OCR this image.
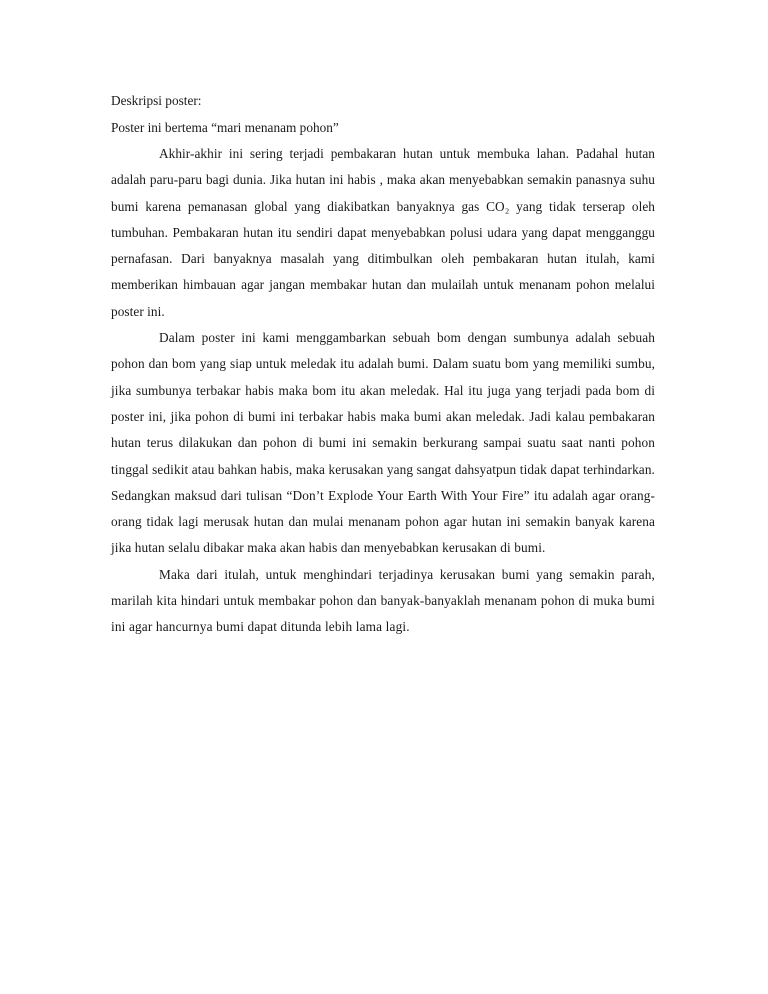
Deskripsi poster:
Poster ini bertema “mari menanam pohon”

Akhir-akhir ini sering terjadi pembakaran hutan untuk membuka lahan. Padahal hutan adalah paru-paru bagi dunia. Jika hutan ini habis , maka akan menyebabkan semakin panasnya suhu bumi karena pemanasan global yang diakibatkan banyaknya gas CO₂ yang tidak terserap oleh tumbuhan. Pembakaran hutan itu sendiri dapat menyebabkan polusi udara yang dapat mengganggu pernafasan. Dari banyaknya masalah yang ditimbulkan oleh pembakaran hutan itulah, kami memberikan himbauan agar jangan membakar hutan dan mulailah untuk menanam pohon melalui poster ini.

Dalam poster ini kami menggambarkan sebuah bom dengan sumbunya adalah sebuah pohon dan bom yang siap untuk meledak itu adalah bumi. Dalam suatu bom yang memiliki sumbu, jika sumbunya terbakar habis maka bom itu akan meledak. Hal itu juga yang terjadi pada bom di poster ini, jika pohon di bumi ini terbakar habis maka bumi akan meledak. Jadi kalau pembakaran hutan terus dilakukan dan pohon di bumi ini semakin berkurang sampai suatu saat nanti pohon tinggal sedikit atau bahkan habis, maka kerusakan yang sangat dahsyatpun tidak dapat terhindarkan. Sedangkan maksud dari tulisan “Don’t Explode Your Earth With Your Fire” itu adalah agar orang-orang tidak lagi merusak hutan dan mulai menanam pohon agar hutan ini semakin banyak karena jika hutan selalu dibakar maka akan habis dan menyebabkan kerusakan di bumi.

Maka dari itulah, untuk menghindari terjadinya kerusakan bumi yang semakin parah, marilah kita hindari untuk membakar pohon dan banyak-banyaklah menanam pohon di muka bumi ini agar hancurnya bumi dapat ditunda lebih lama lagi.
